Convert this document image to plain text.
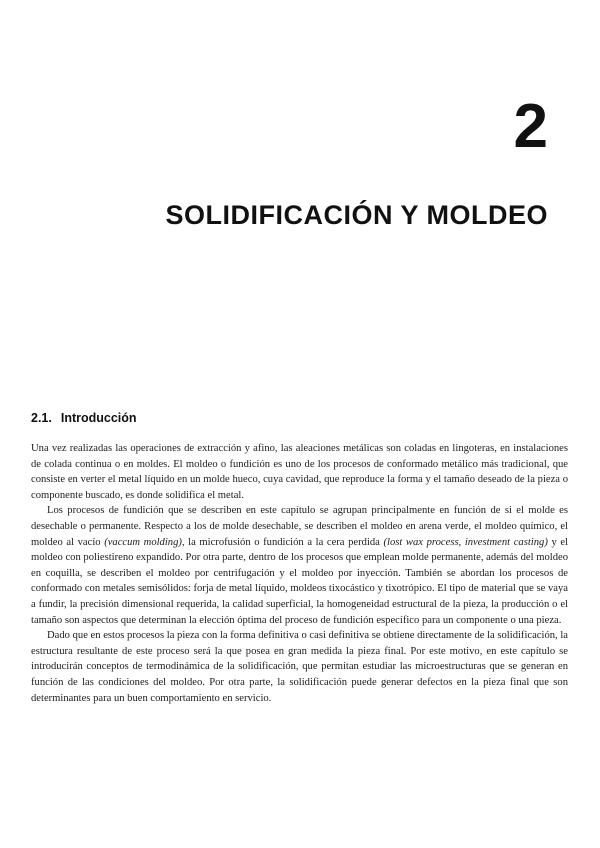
2
SOLIDIFICACIÓN Y MOLDEO
2.1. Introducción

Una vez realizadas las operaciones de extracción y afino, las aleaciones metálicas son coladas en lingoteras, en instalaciones de colada continua o en moldes. El moldeo o fundición es uno de los procesos de conformado metálico más tradicional, que consiste en verter el metal líquido en un molde hueco, cuya cavidad, que reproduce la forma y el tamaño deseado de la pieza o componente buscado, es donde solidifica el metal.

Los procesos de fundición que se describen en este capítulo se agrupan principalmente en función de si el molde es desechable o permanente. Respecto a los de molde desechable, se describen el moldeo en arena verde, el moldeo químico, el moldeo al vacío (vaccum molding), la microfusión o fundición a la cera perdida (lost wax process, investment casting) y el moldeo con poliestireno expandido. Por otra parte, dentro de los procesos que emplean molde permanente, además del moldeo en coquilla, se describen el moldeo por centrifugación y el moldeo por inyección. También se abordan los procesos de conformado con metales semisólidos: forja de metal líquido, moldeos tixocástico y tixotrópico. El tipo de material que se vaya a fundir, la precisión dimensional requerida, la calidad superficial, la homogeneidad estructural de la pieza, la producción o el tamaño son aspectos que determinan la elección óptima del proceso de fundición específico para un componente o una pieza.

Dado que en estos procesos la pieza con la forma definitiva o casi definitiva se obtiene directamente de la solidificación, la estructura resultante de este proceso será la que posea en gran medida la pieza final. Por este motivo, en este capítulo se introducirán conceptos de termodinámica de la solidificación, que permitan estudiar las microestructuras que se generan en función de las condiciones del moldeo. Por otra parte, la solidificación puede generar defectos en la pieza final que son determinantes para un buen comportamiento en servicio.
